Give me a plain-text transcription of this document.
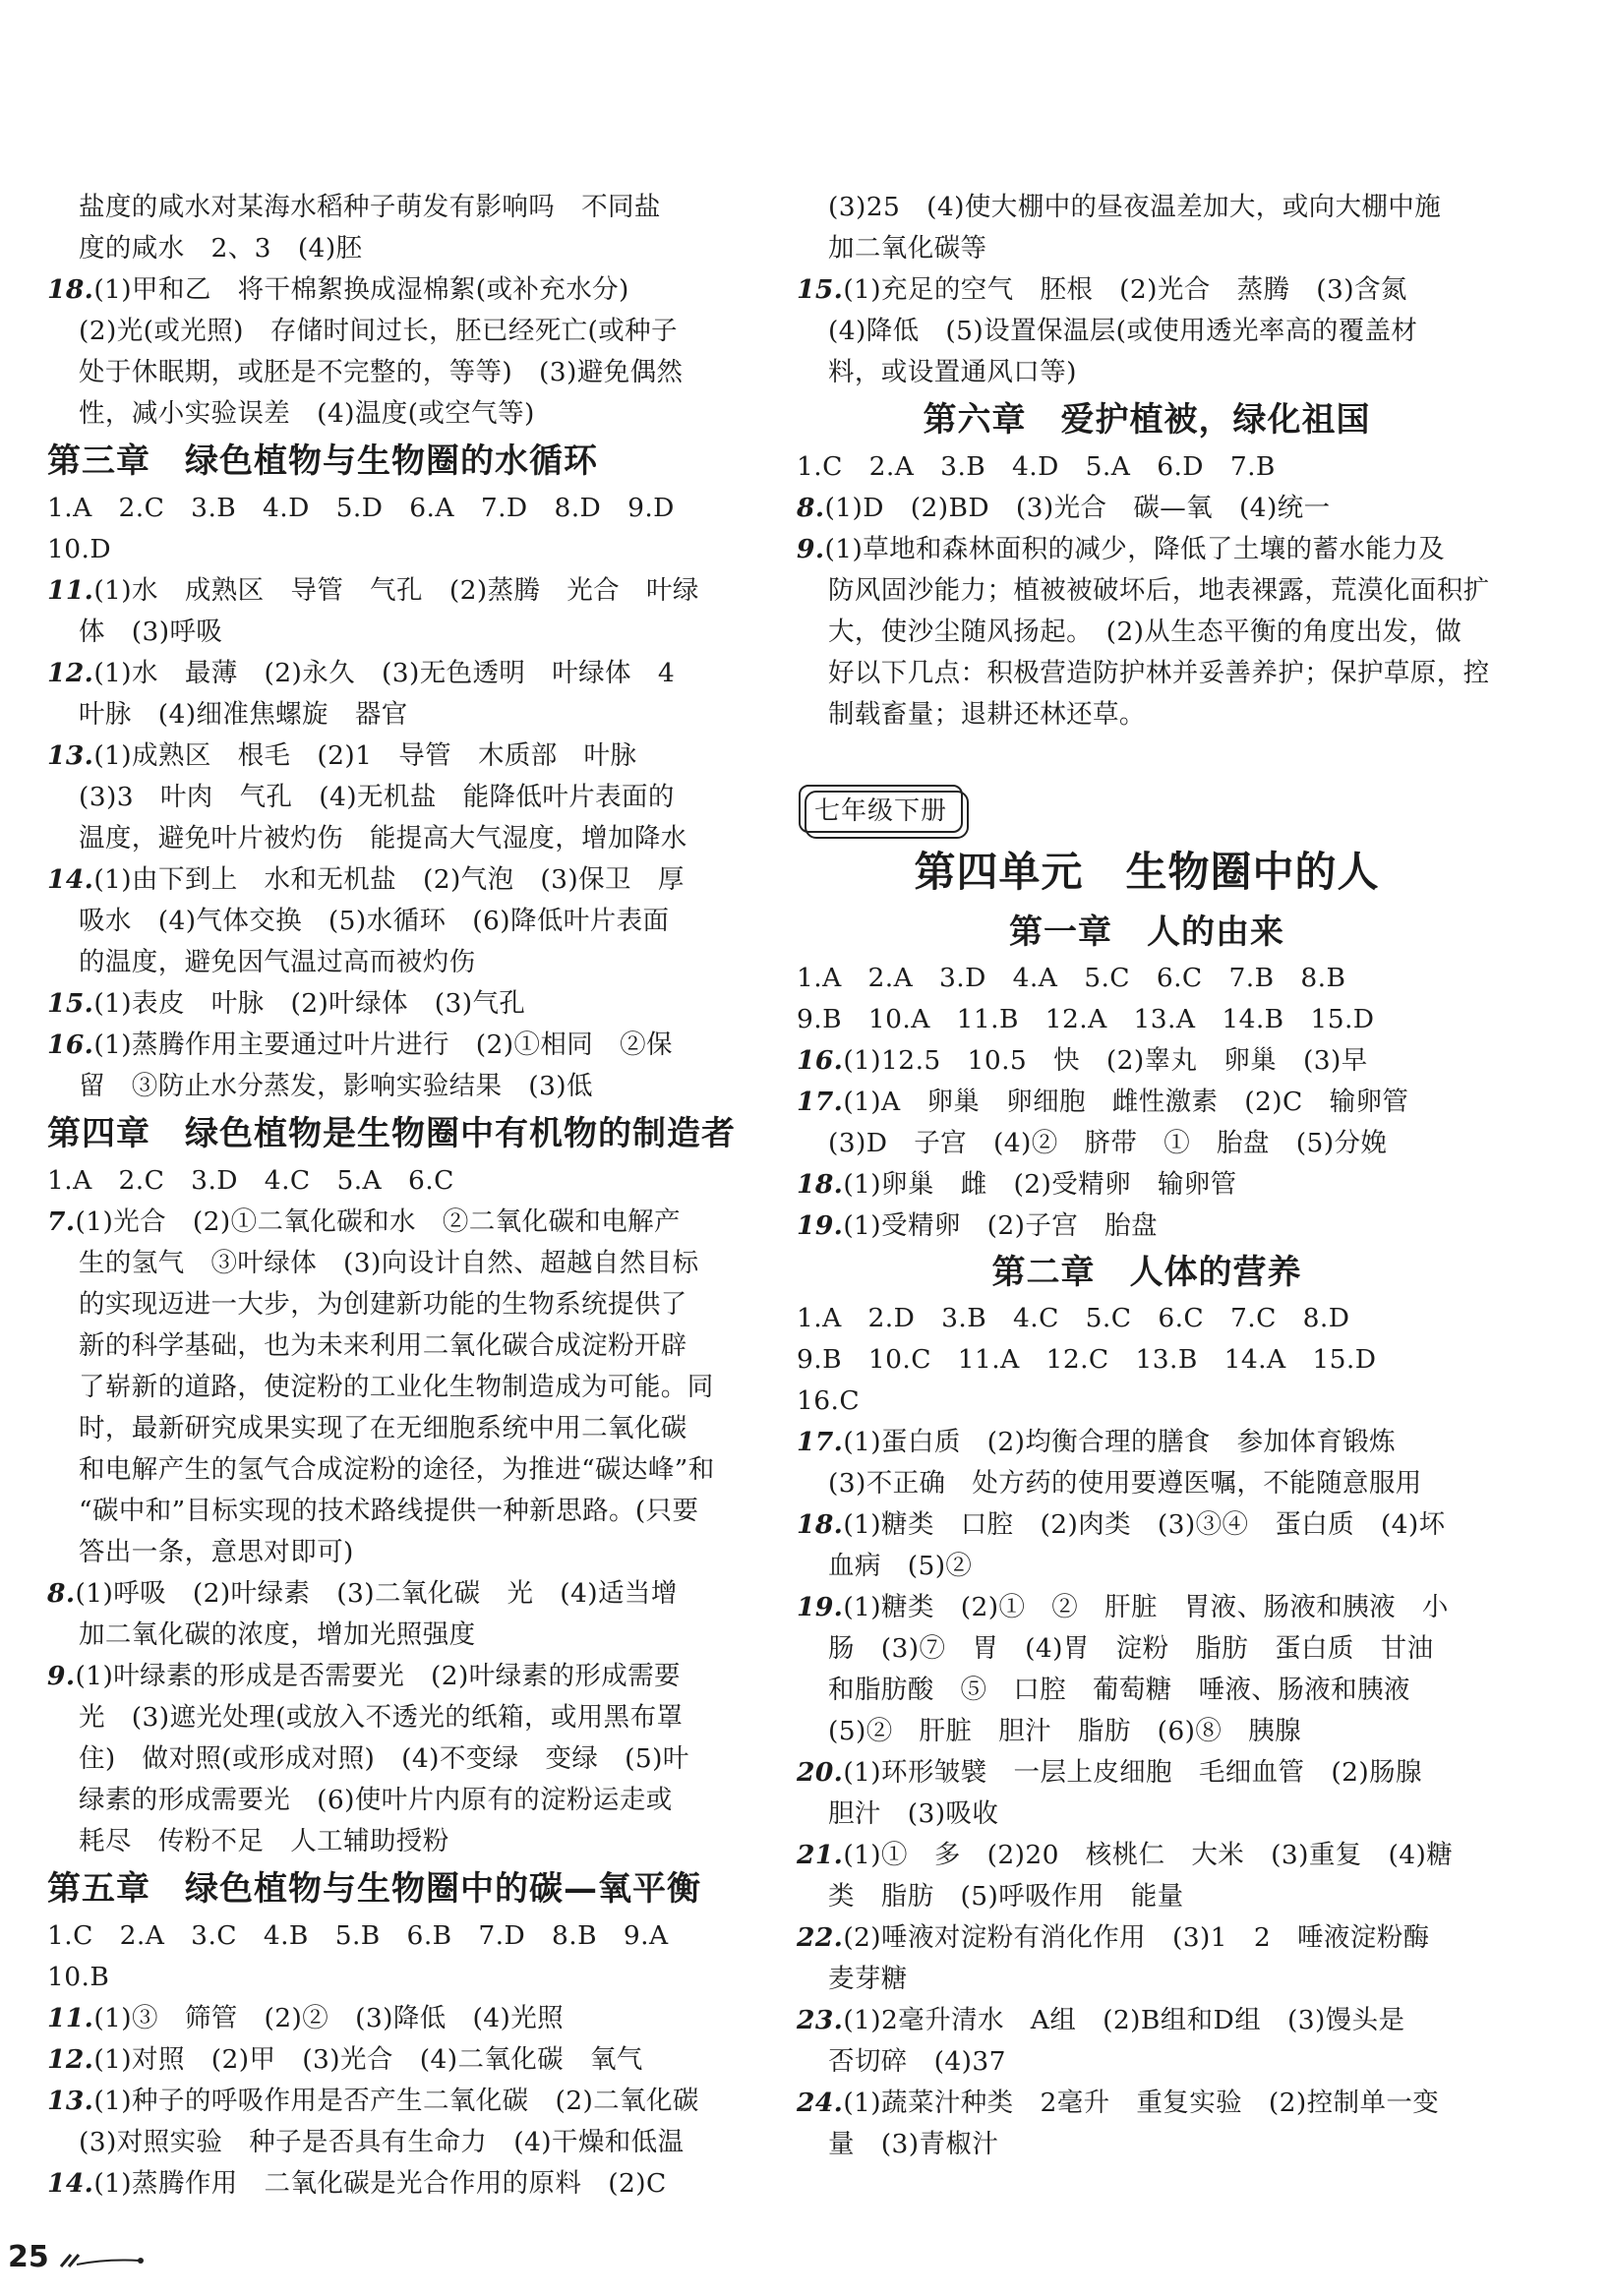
盐度的咸水对某海水稻种子萌发有影响吗　不同盐
度的咸水　2、3　(4)胚
18.(1)甲和乙　将干棉絮换成湿棉絮(或补充水分)
(2)光(或光照)　存储时间过长，胚已经死亡(或种子
处于休眠期，或胚是不完整的，等等)　(3)避免偶然
性，减小实验误差　(4)温度(或空气等)
第三章　绿色植物与生物圈的水循环
1.A　2.C　3.B　4.D　5.D　6.A　7.D　8.D　9.D
10.D
11.(1)水　成熟区　导管　气孔　(2)蒸腾　光合　叶绿
体　(3)呼吸
12.(1)水　最薄　(2)永久　(3)无色透明　叶绿体　4
叶脉　(4)细准焦螺旋　器官
13.(1)成熟区　根毛　(2)1　导管　木质部　叶脉
(3)3　叶肉　气孔　(4)无机盐　能降低叶片表面的
温度，避免叶片被灼伤　能提高大气湿度，增加降水
14.(1)由下到上　水和无机盐　(2)气泡　(3)保卫　厚
吸水　(4)气体交换　(5)水循环　(6)降低叶片表面
的温度，避免因气温过高而被灼伤
15.(1)表皮　叶脉　(2)叶绿体　(3)气孔
16.(1)蒸腾作用主要通过叶片进行　(2)①相同　②保
留　③防止水分蒸发，影响实验结果　(3)低
第四章　绿色植物是生物圈中有机物的制造者
1.A　2.C　3.D　4.C　5.A　6.C
7.(1)光合　(2)①二氧化碳和水　②二氧化碳和电解产
生的氢气　③叶绿体　(3)向设计自然、超越自然目标
的实现迈进一大步，为创建新功能的生物系统提供了
新的科学基础，也为未来利用二氧化碳合成淀粉开辟
了崭新的道路，使淀粉的工业化生物制造成为可能。同
时，最新研究成果实现了在无细胞系统中用二氧化碳
和电解产生的氢气合成淀粉的途径，为推进“碳达峰”和
“碳中和”目标实现的技术路线提供一种新思路。(只要
答出一条，意思对即可)
8.(1)呼吸　(2)叶绿素　(3)二氧化碳　光　(4)适当增
加二氧化碳的浓度，增加光照强度
9.(1)叶绿素的形成是否需要光　(2)叶绿素的形成需要
光　(3)遮光处理(或放入不透光的纸箱，或用黑布罩
住)　做对照(或形成对照)　(4)不变绿　变绿　(5)叶
绿素的形成需要光　(6)使叶片内原有的淀粉运走或
耗尽　传粉不足　人工辅助授粉
第五章　绿色植物与生物圈中的碳—氧平衡
1.C　2.A　3.C　4.B　5.B　6.B　7.D　8.B　9.A
10.B
11.(1)③　筛管　(2)②　(3)降低　(4)光照
12.(1)对照　(2)甲　(3)光合　(4)二氧化碳　氧气
13.(1)种子的呼吸作用是否产生二氧化碳　(2)二氧化碳
(3)对照实验　种子是否具有生命力　(4)干燥和低温
14.(1)蒸腾作用　二氧化碳是光合作用的原料　(2)C
(3)25　(4)使大棚中的昼夜温差加大，或向大棚中施
加二氧化碳等
15.(1)充足的空气　胚根　(2)光合　蒸腾　(3)含氮
(4)降低　(5)设置保温层(或使用透光率高的覆盖材
料，或设置通风口等)
第六章　爱护植被，绿化祖国
1.C　2.A　3.B　4.D　5.A　6.D　7.B
8.(1)D　(2)BD　(3)光合　碳—氧　(4)统一
9.(1)草地和森林面积的减少，降低了土壤的蓄水能力及
防风固沙能力；植被被破坏后，地表裸露，荒漠化面积扩
大，使沙尘随风扬起。　(2)从生态平衡的角度出发，做
好以下几点：积极营造防护林并妥善养护；保护草原，控
制载畜量；退耕还林还草。
七年级下册
第四单元　生物圈中的人
第一章　人的由来
1.A　2.A　3.D　4.A　5.C　6.C　7.B　8.B
9.B　10.A　11.B　12.A　13.A　14.B　15.D
16.(1)12.5　10.5　快　(2)睾丸　卵巢　(3)早
17.(1)A　卵巢　卵细胞　雌性激素　(2)C　输卵管
(3)D　子宫　(4)②　脐带　①　胎盘　(5)分娩
18.(1)卵巢　雌　(2)受精卵　输卵管
19.(1)受精卵　(2)子宫　胎盘
第二章　人体的营养
1.A　2.D　3.B　4.C　5.C　6.C　7.C　8.D
9.B　10.C　11.A　12.C　13.B　14.A　15.D
16.C
17.(1)蛋白质　(2)均衡合理的膳食　参加体育锻炼
(3)不正确　处方药的使用要遵医嘱，不能随意服用
18.(1)糖类　口腔　(2)肉类　(3)③④　蛋白质　(4)坏
血病　(5)②
19.(1)糖类　(2)①　②　肝脏　胃液、肠液和胰液　小
肠　(3)⑦　胃　(4)胃　淀粉　脂肪　蛋白质　甘油
和脂肪酸　⑤　口腔　葡萄糖　唾液、肠液和胰液
(5)②　肝脏　胆汁　脂肪　(6)⑧　胰腺
20.(1)环形皱襞　一层上皮细胞　毛细血管　(2)肠腺
胆汁　(3)吸收
21.(1)①　多　(2)20　核桃仁　大米　(3)重复　(4)糖
类　脂肪　(5)呼吸作用　能量
22.(2)唾液对淀粉有消化作用　(3)1　2　唾液淀粉酶
麦芽糖
23.(1)2毫升清水　A组　(2)B组和D组　(3)馒头是
否切碎　(4)37
24.(1)蔬菜汁种类　2毫升　重复实验　(2)控制单一变
量　(3)青椒汁
25
